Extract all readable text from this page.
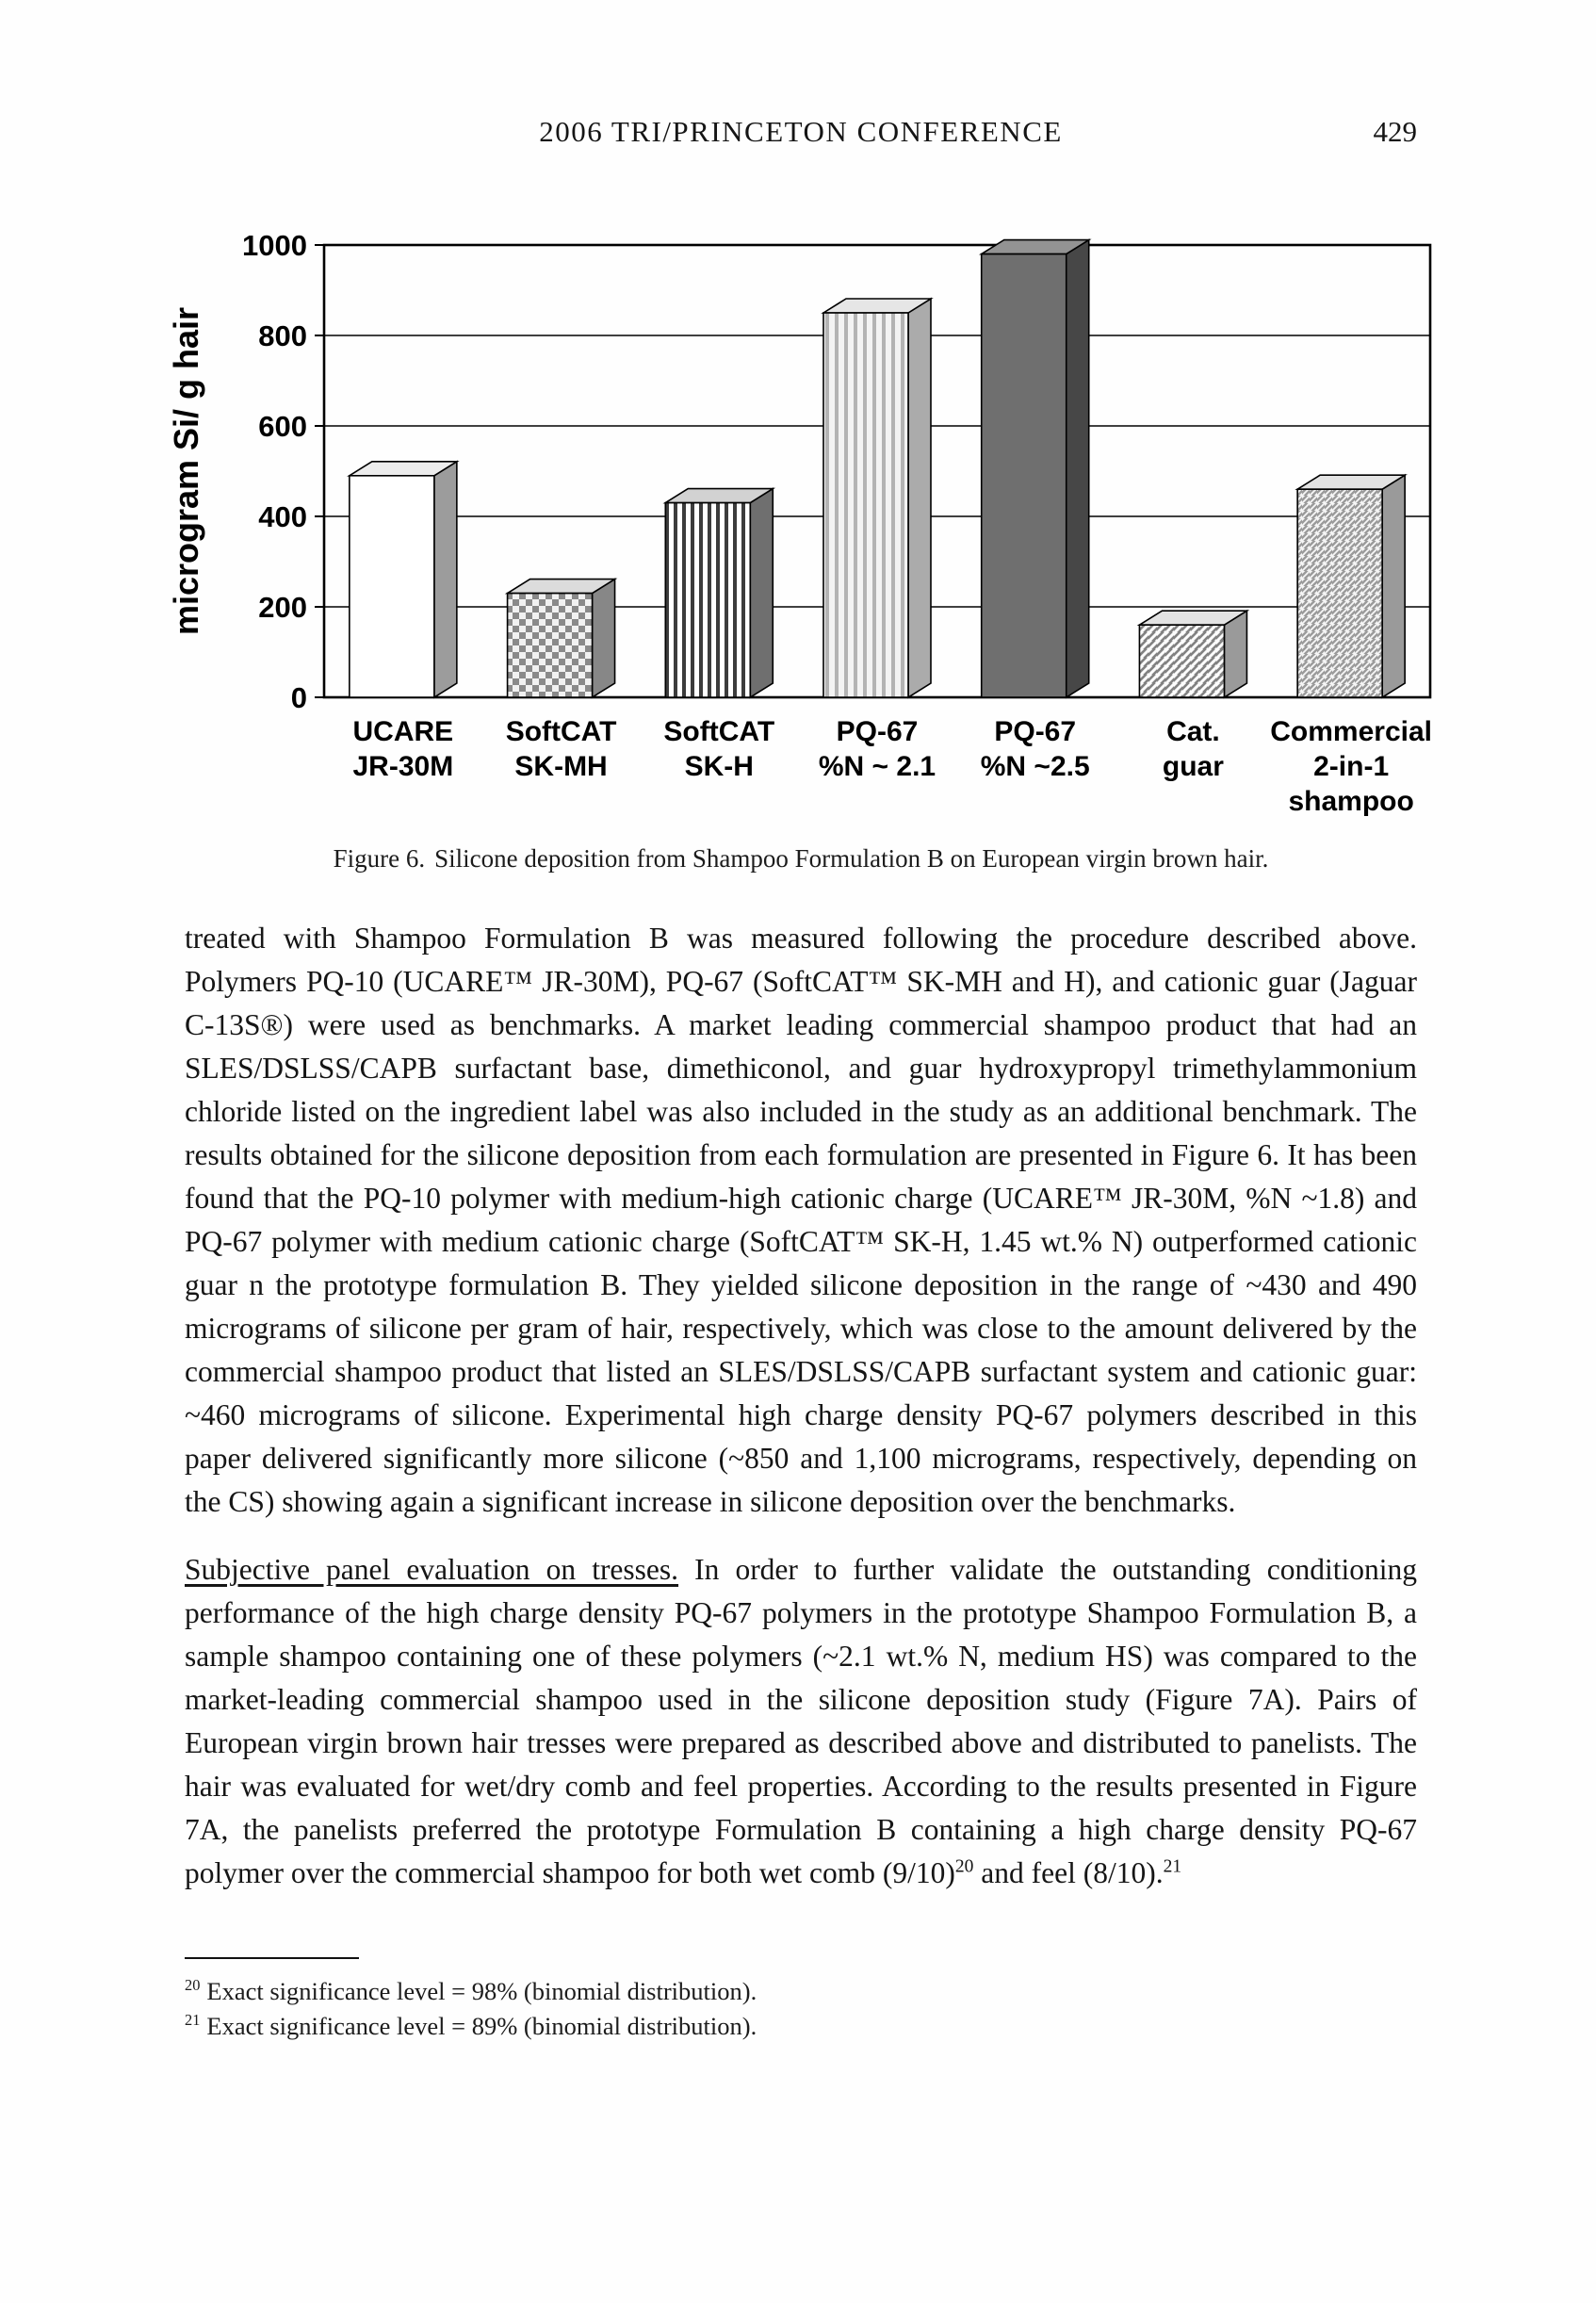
2006 TRI/PRINCETON CONFERENCE	429
0
200
400
600
800
1000
microgram Si/ g hair
UCARE
JR-30M
SoftCAT
SK-MH
SoftCAT
SK-H
PQ-67
%N ~ 2.1
PQ-67
%N ~2.5
Cat.
guar
Commercial
2-in-1
shampoo
Figure 6. Silicone deposition from Shampoo Formulation B on European virgin brown hair.

treated with Shampoo Formulation B was measured following the procedure described above. Polymers PQ-10 (UCARE™ JR-30M), PQ-67 (SoftCAT™ SK-MH and H), and cationic guar (Jaguar C-13S®) were used as benchmarks. A market leading commercial shampoo product that had an SLES/DSLSS/CAPB surfactant base, dimethiconol, and guar hydroxypropyl trimethylammonium chloride listed on the ingredient label was also included in the study as an additional benchmark. The results obtained for the silicone deposition from each formulation are presented in Figure 6. It has been found that the PQ-10 polymer with medium-high cationic charge (UCARE™ JR-30M, %N ~1.8) and PQ-67 polymer with medium cationic charge (SoftCAT™ SK-H, 1.45 wt.% N) outperformed cationic guar n the prototype formulation B. They yielded silicone deposition in the range of ~430 and 490 micrograms of silicone per gram of hair, respectively, which was close to the amount delivered by the commercial shampoo product that listed an SLES/DSLSS/CAPB surfactant system and cationic guar: ~460 micrograms of silicone. Experimental high charge density PQ-67 polymers described in this paper delivered significantly more silicone (~850 and 1,100 micrograms, respectively, depending on the CS) showing again a significant increase in silicone deposition over the benchmarks.

Subjective panel evaluation on tresses. In order to further validate the outstanding conditioning performance of the high charge density PQ-67 polymers in the prototype Shampoo Formulation B, a sample shampoo containing one of these polymers (~2.1 wt.% N, medium HS) was compared to the market-leading commercial shampoo used in the silicone deposition study (Figure 7A). Pairs of European virgin brown hair tresses were prepared as described above and distributed to panelists. The hair was evaluated for wet/dry comb and feel properties. According to the results presented in Figure 7A, the panelists preferred the prototype Formulation B containing a high charge density PQ-67 polymer over the commercial shampoo for both wet comb $(9/10)^{20}$ and feel (8/10).$^{21}$

$^{20}$ Exact significance level = 98% (binomial distribution).
$^{21}$ Exact significance level = 89% (binomial distribution).
